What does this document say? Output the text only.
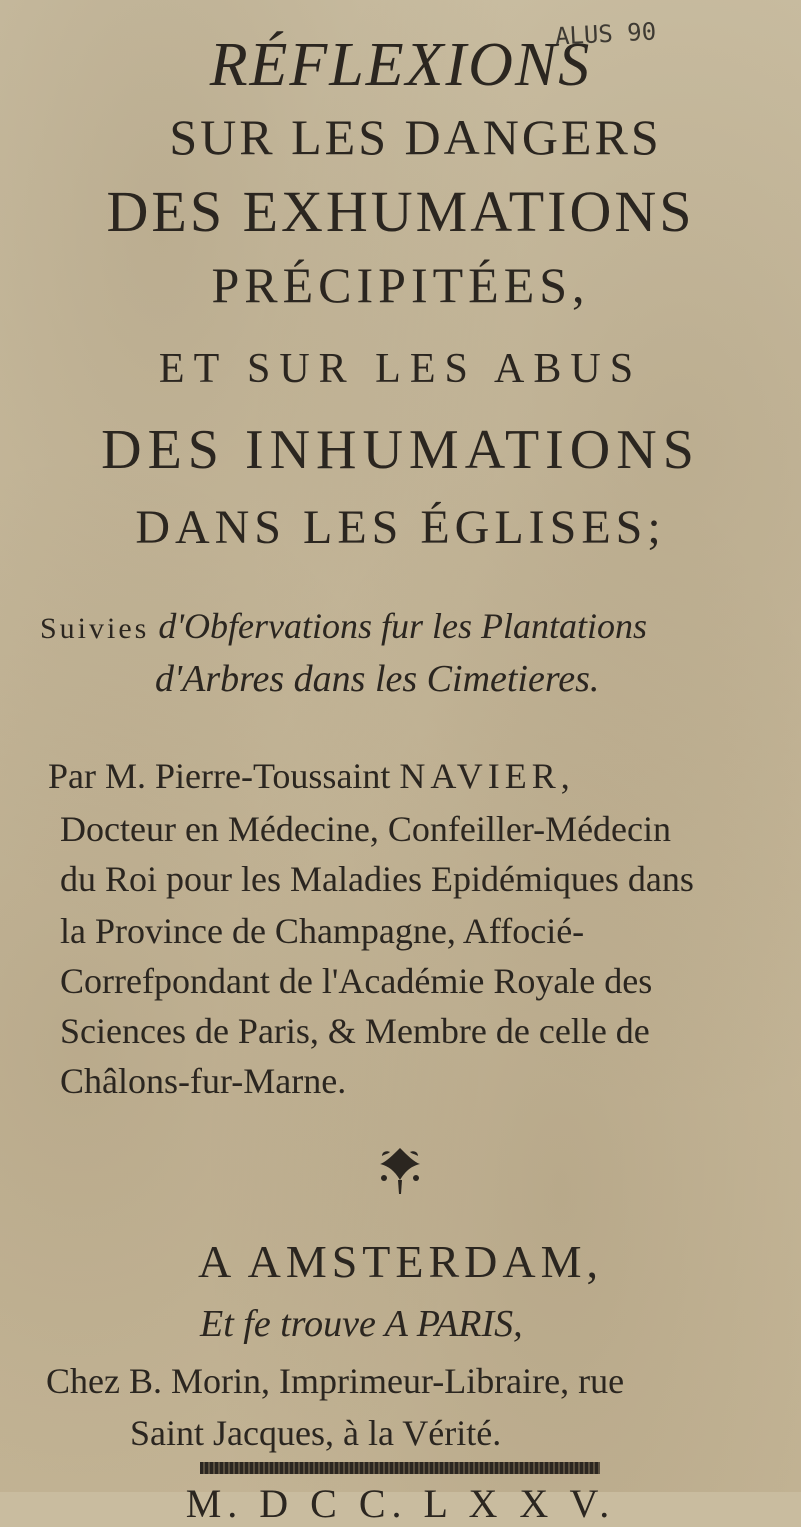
ALUS 90
RÉFLEXIONS
SUR LES DANGERS
DES EXHUMATIONS
PRÉCIPITÉES,
ET SUR LES ABUS
DES INHUMATIONS
DANS LES ÉGLISES;
Suivies d'Obfervations fur les Plantations
d'Arbres dans les Cimetieres.
Par M. Pierre-Toussaint NAVIER,
Docteur en Médecine, Confeiller-Médecin
du Roi pour les Maladies Epidémiques dans
la Province de Champagne, Affocié-
Correfpondant de l'Académie Royale des
Sciences de Paris, & Membre de celle de
Châlons-fur-Marne.
A AMSTERDAM,
Et fe trouve A PARIS,
Chez B. Morin, Imprimeur-Libraire, rue
Saint Jacques, à la Vérité.
M. D C C. L X X V.
